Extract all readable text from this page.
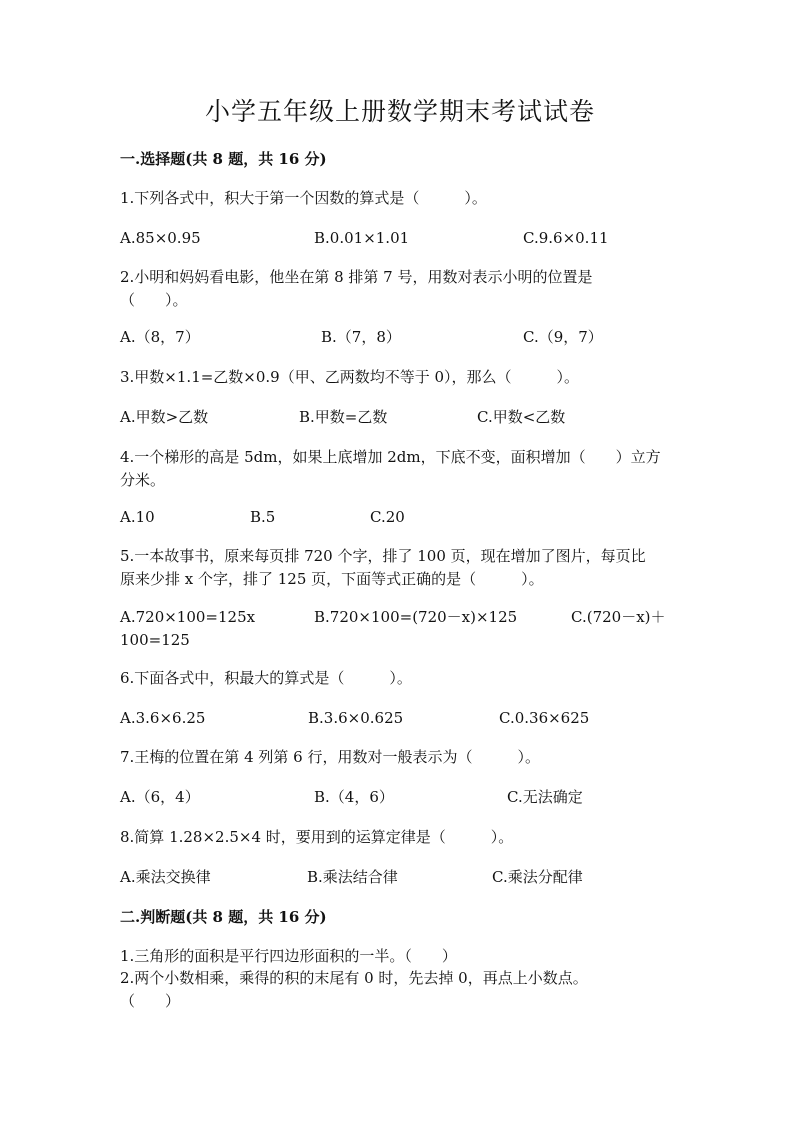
小学五年级上册数学期末考试试卷
一.选择题(共 8 题，共 16 分)
1.下列各式中，积大于第一个因数的算式是（　　　）。
A.85×0.95	B.0.01×1.01	C.9.6×0.11
2.小明和妈妈看电影，他坐在第 8 排第 7 号，用数对表示小明的位置是
（　　）。
A.（8，7）	B.（7，8）	C.（9，7）
3.甲数×1.1=乙数×0.9（甲、乙两数均不等于 0），那么（　　　）。
A.甲数>乙数	B.甲数=乙数	C.甲数<乙数
4.一个梯形的高是 5dm，如果上底增加 2dm，下底不变，面积增加（　　）立方
分米。
A.10	B.5	C.20
5.一本故事书，原来每页排 720 个字，排了 100 页，现在增加了图片，每页比
原来少排 x 个字，排了 125 页，下面等式正确的是（　　　）。
A.720×100=125x	B.720×100=(720－x)×125	C.(720－x)＋
100=125
6.下面各式中，积最大的算式是（　　　）。
A.3.6×6.25	B.3.6×0.625	C.0.36×625
7.王梅的位置在第 4 列第 6 行，用数对一般表示为（　　　）。
A.（6，4）	B.（4，6）	C.无法确定
8.简算 1.28×2.5×4 时，要用到的运算定律是（　　　）。
A.乘法交换律	B.乘法结合律	C.乘法分配律
二.判断题(共 8 题，共 16 分)
1.三角形的面积是平行四边形面积的一半。（　　）
2.两个小数相乘，乘得的积的末尾有 0 时，先去掉 0，再点上小数点。
（　　）
